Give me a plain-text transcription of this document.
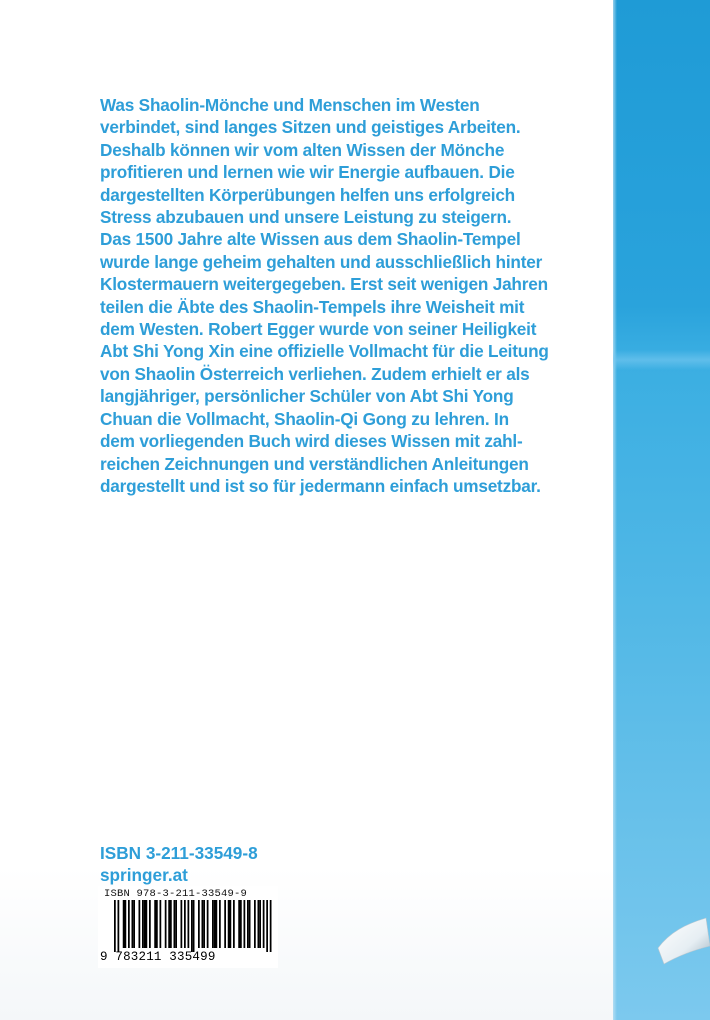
Was Shaolin-Mönche und Menschen im Westen
verbindet, sind langes Sitzen und geistiges Arbeiten.
Deshalb können wir vom alten Wissen der Mönche
profitieren und lernen wie wir Energie aufbauen. Die
dargestellten Körperübungen helfen uns erfolgreich
Stress abzubauen und unsere Leistung zu steigern.
Das 1500 Jahre alte Wissen aus dem Shaolin-Tempel
wurde lange geheim gehalten und ausschließlich hinter
Klostermauern weitergegeben. Erst seit wenigen Jahren
teilen die Äbte des Shaolin-Tempels ihre Weisheit mit
dem Westen. Robert Egger wurde von seiner Heiligkeit
Abt Shi Yong Xin eine offizielle Vollmacht für die Leitung
von Shaolin Österreich verliehen. Zudem erhielt er als
langjähriger, persönlicher Schüler von Abt Shi Yong
Chuan die Vollmacht, Shaolin-Qi Gong zu lehren. In
dem vorliegenden Buch wird dieses Wissen mit zahl-
reichen Zeichnungen und verständlichen Anleitungen
dargestellt und ist so für jedermann einfach umsetzbar.

ISBN 3-211-33549-8
springer.at
ISBN 978-3-211-33549-9
9 783211 335499
